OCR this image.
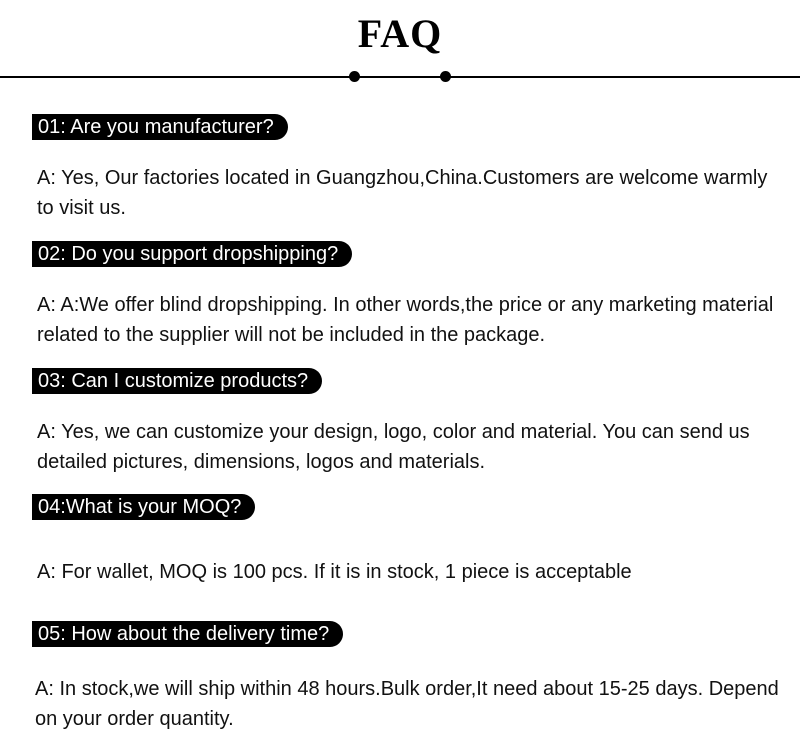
FAQ
01: Are you manufacturer?
A: Yes, Our factories located in Guangzhou,China.Customers are welcome warmly to visit us.
02: Do you support dropshipping?
A: A:We offer blind dropshipping. In other words,the price or any marketing material related to the supplier will not be included in the package.
03: Can I customize products?
A: Yes, we can customize your design, logo, color and material. You can send us detailed pictures, dimensions, logos and materials.
04:What is your MOQ?
A: For wallet, MOQ is 100 pcs. If it is in stock, 1 piece is acceptable
05: How about the delivery time?
A: In stock,we will ship within 48 hours.Bulk order,It need about 15-25 days. Depend on your order quantity.
